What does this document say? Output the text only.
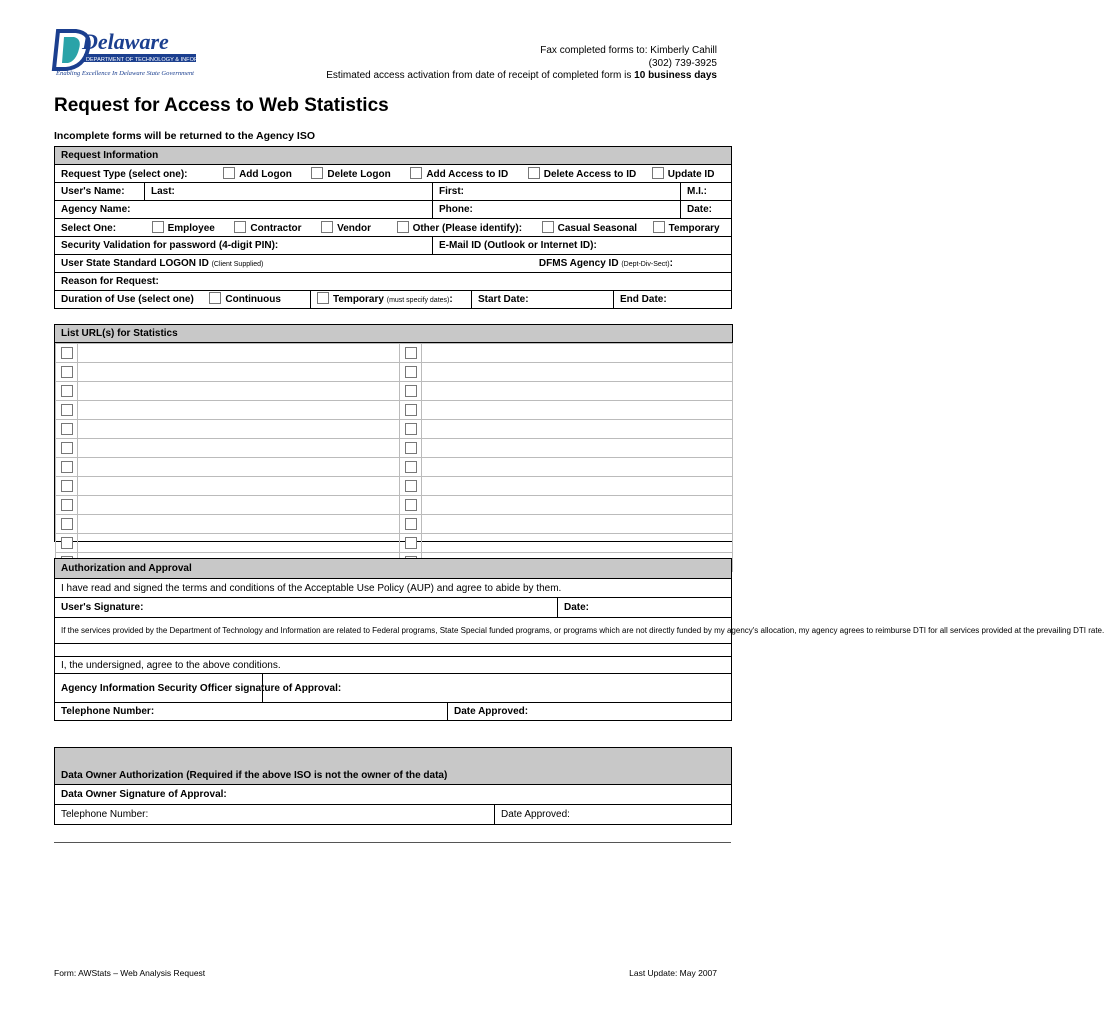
Delaware
DEPARTMENT OF TECHNOLOGY & INFORMATION
Enabling Excellence In Delaware State Government
Fax completed forms to: Kimberly Cahill
(302) 739-3925
Estimated access activation from date of receipt of completed form is 10 business days
Request for Access to Web Statistics
Incomplete forms will be returned to the Agency ISO
Request Information			
Request Type (select one): Add Logon Delete Logon Add Access to ID Delete Access to ID Update ID			
User's Name:	Last:	First:	M.I.:
Agency Name:		Phone:	Date:
Select One: Employee Contractor Vendor Other (Please identify): Casual Seasonal Temporary			
Security Validation for password (4-digit PIN):		E-Mail ID (Outlook or Internet ID):	
User State Standard LOGON ID (Client Supplied) DFMS Agency ID (Dept-Div-Sect):			
Reason for Request:			

Duration of Use (select one) Continuous Temporary (must specify dates): Start Date: End Date:			
List URL(s) for Statistics

Authorization and Approval			
I have read and signed the terms and conditions of the Acceptable Use Policy (AUP) and agree to abide by them.			
User's Signature:			Date:
If the services provided by the Department of Technology and Information are related to Federal programs, State Special funded programs, or programs which are not directly funded by my agency's allocation, my agency agrees to reimburse DTI for all services provided at the prevailing DTI rate.			

I, the undersigned, agree to the above conditions.			
Agency Information Security Officer signature of Approval:			
Telephone Number:		Date Approved:	
Data Owner Authorization (Required if the above ISO is not the owner of the data)
Data Owner Signature of Approval:
Telephone Number:	Date Approved:
Form: AWStats – Web Analysis Request	Last Update: May 2007
